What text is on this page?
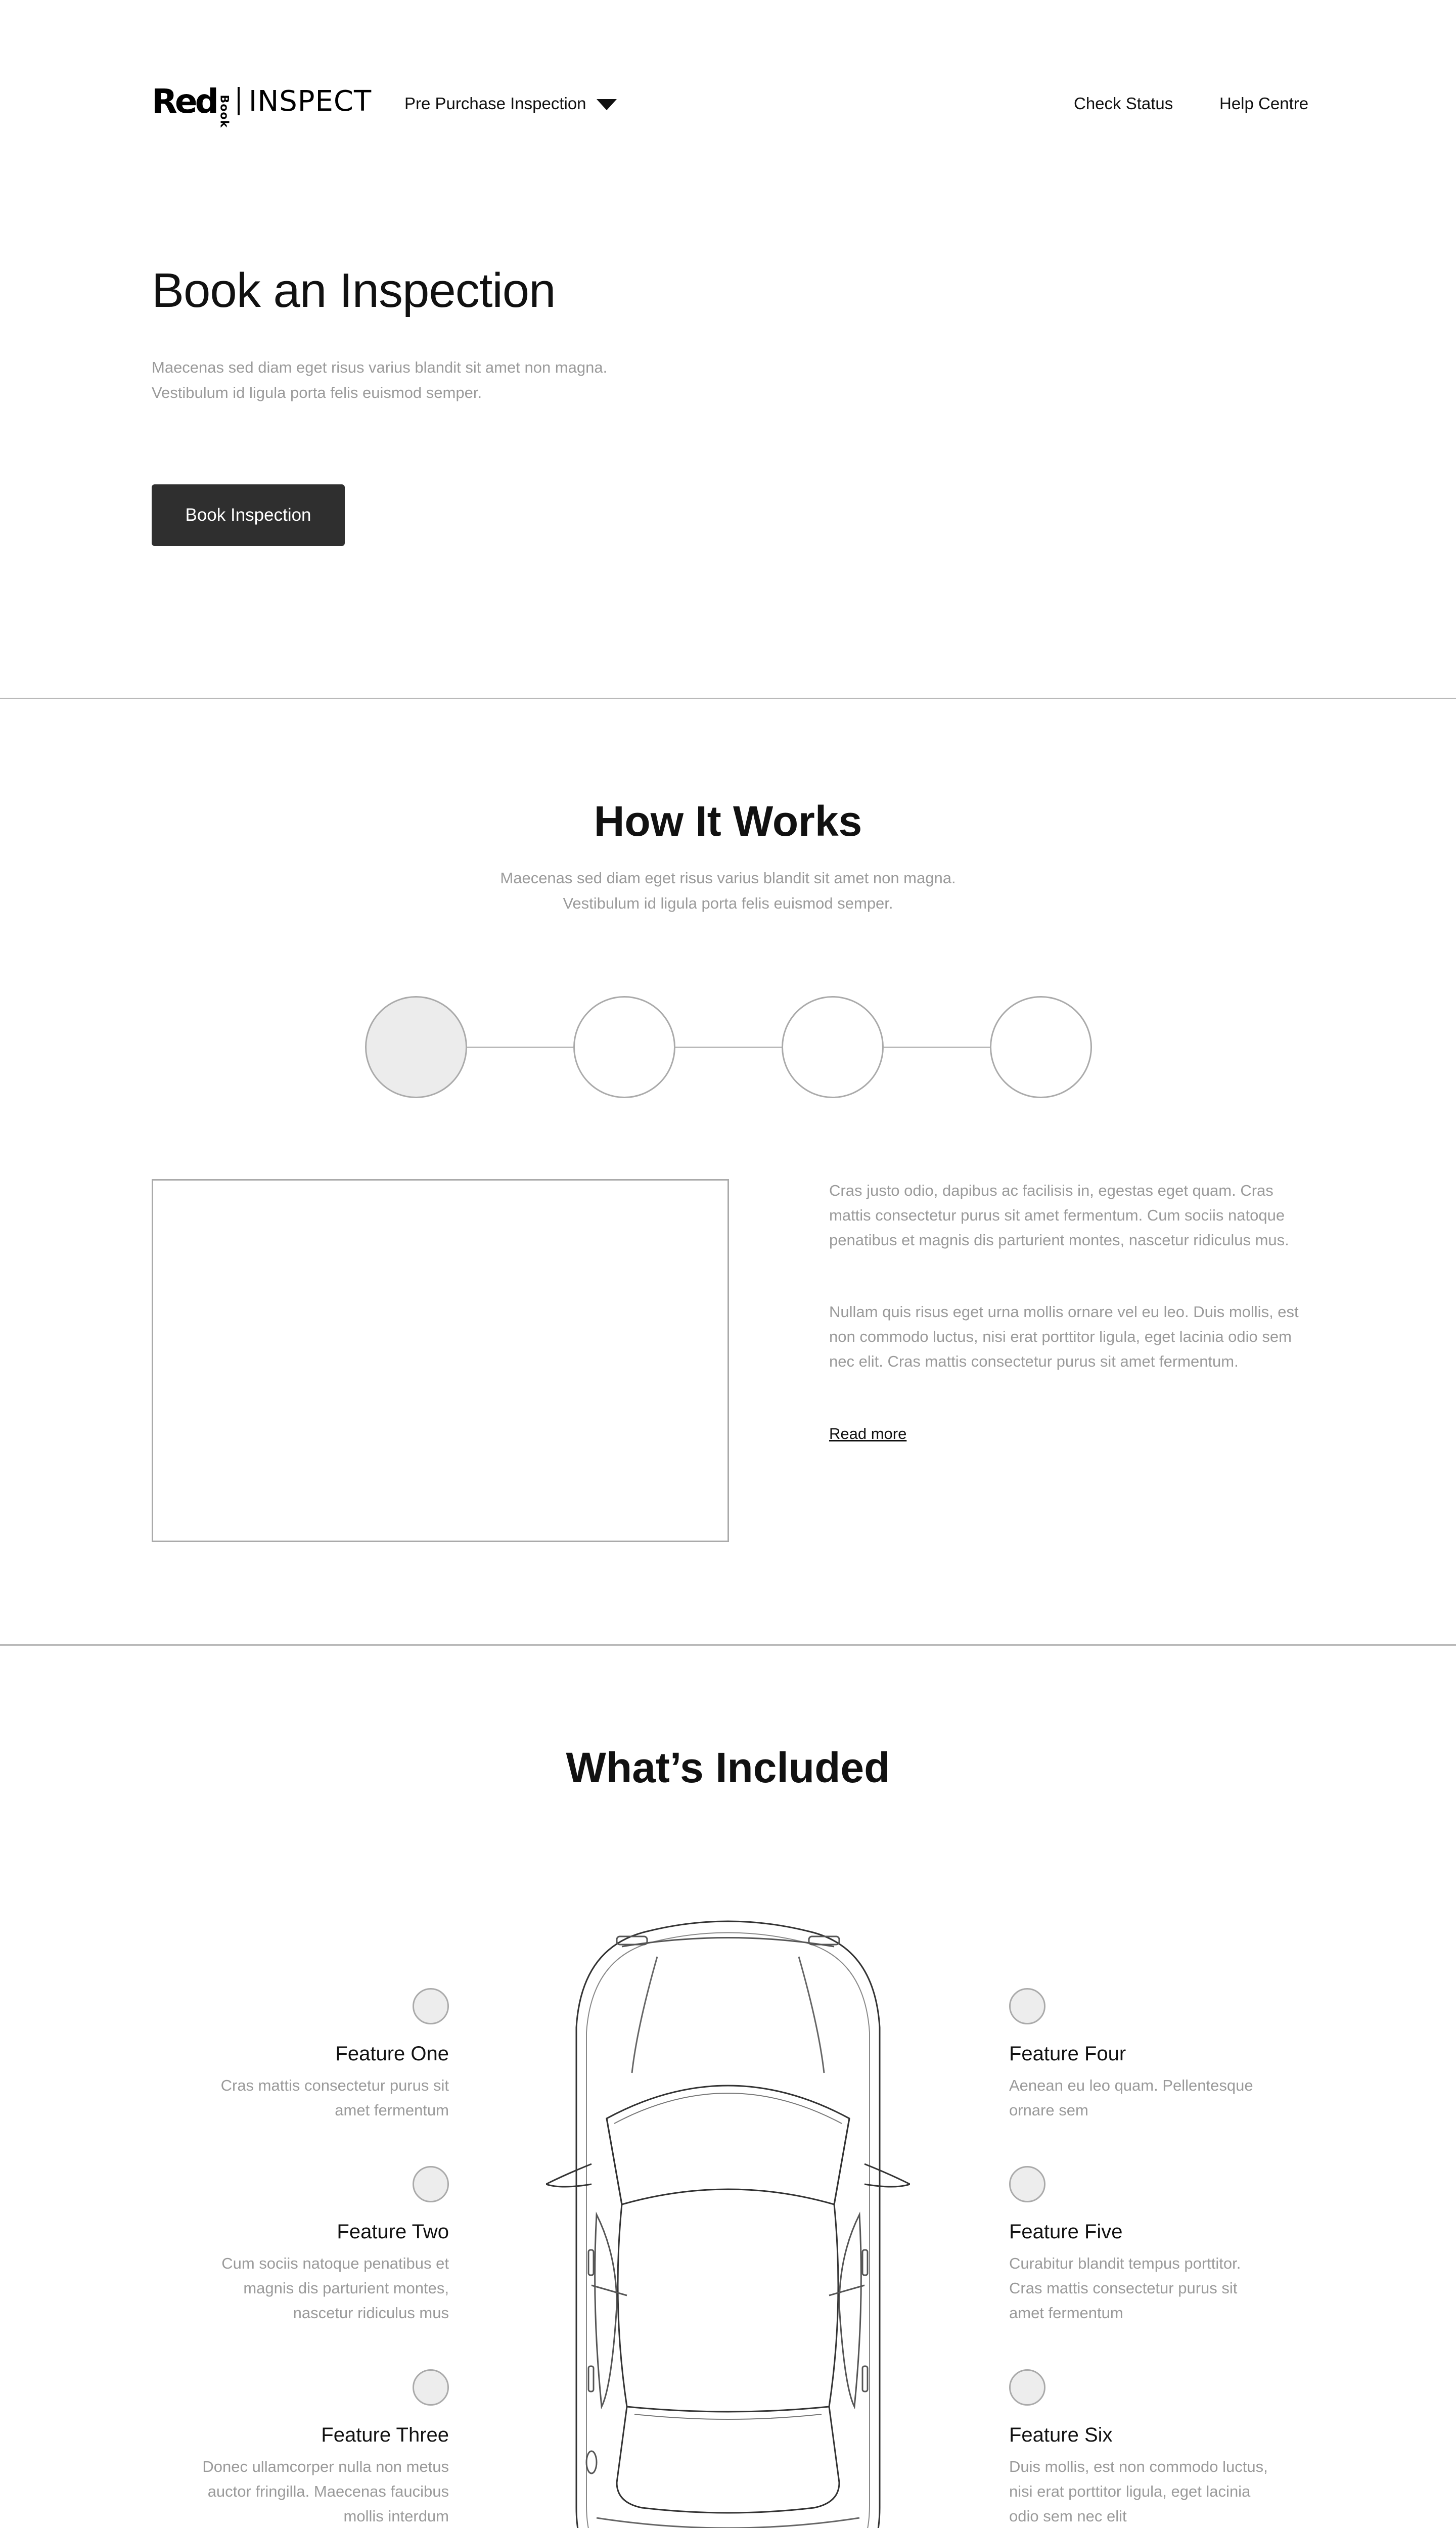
Red Book INSPECT Pre Purchase Inspection	Check Status	Help Centre
Book an Inspection
Maecenas sed diam eget risus varius blandit sit amet non magna.
Vestibulum id ligula porta felis euismod semper.
Book Inspection
How It Works
Maecenas sed diam eget risus varius blandit sit amet non magna.
Vestibulum id ligula porta felis euismod semper.

Cras justo odio, dapibus ac facilisis in, egestas eget quam. Cras mattis consectetur purus sit amet fermentum. Cum sociis natoque penatibus et magnis dis parturient montes, nascetur ridiculus mus.

Nullam quis risus eget urna mollis ornare vel eu leo. Duis mollis, est non commodo luctus, nisi erat porttitor ligula, eget lacinia odio sem nec elit. Cras mattis consectetur purus sit amet fermentum.

Read more
What’s Included
Feature One
Cras mattis consectetur purus sit amet fermentum
Feature Two
Cum sociis natoque penatibus et magnis dis parturient montes, nascetur ridiculus mus
Feature Three
Donec ullamcorper nulla non metus auctor fringilla. Maecenas faucibus mollis interdum
Feature Four
Aenean eu leo quam. Pellentesque ornare sem
Feature Five
Curabitur blandit tempus porttitor. Cras mattis consectetur purus sit amet fermentum
Feature Six
Duis mollis, est non commodo luctus, nisi erat porttitor ligula, eget lacinia odio sem nec elit
